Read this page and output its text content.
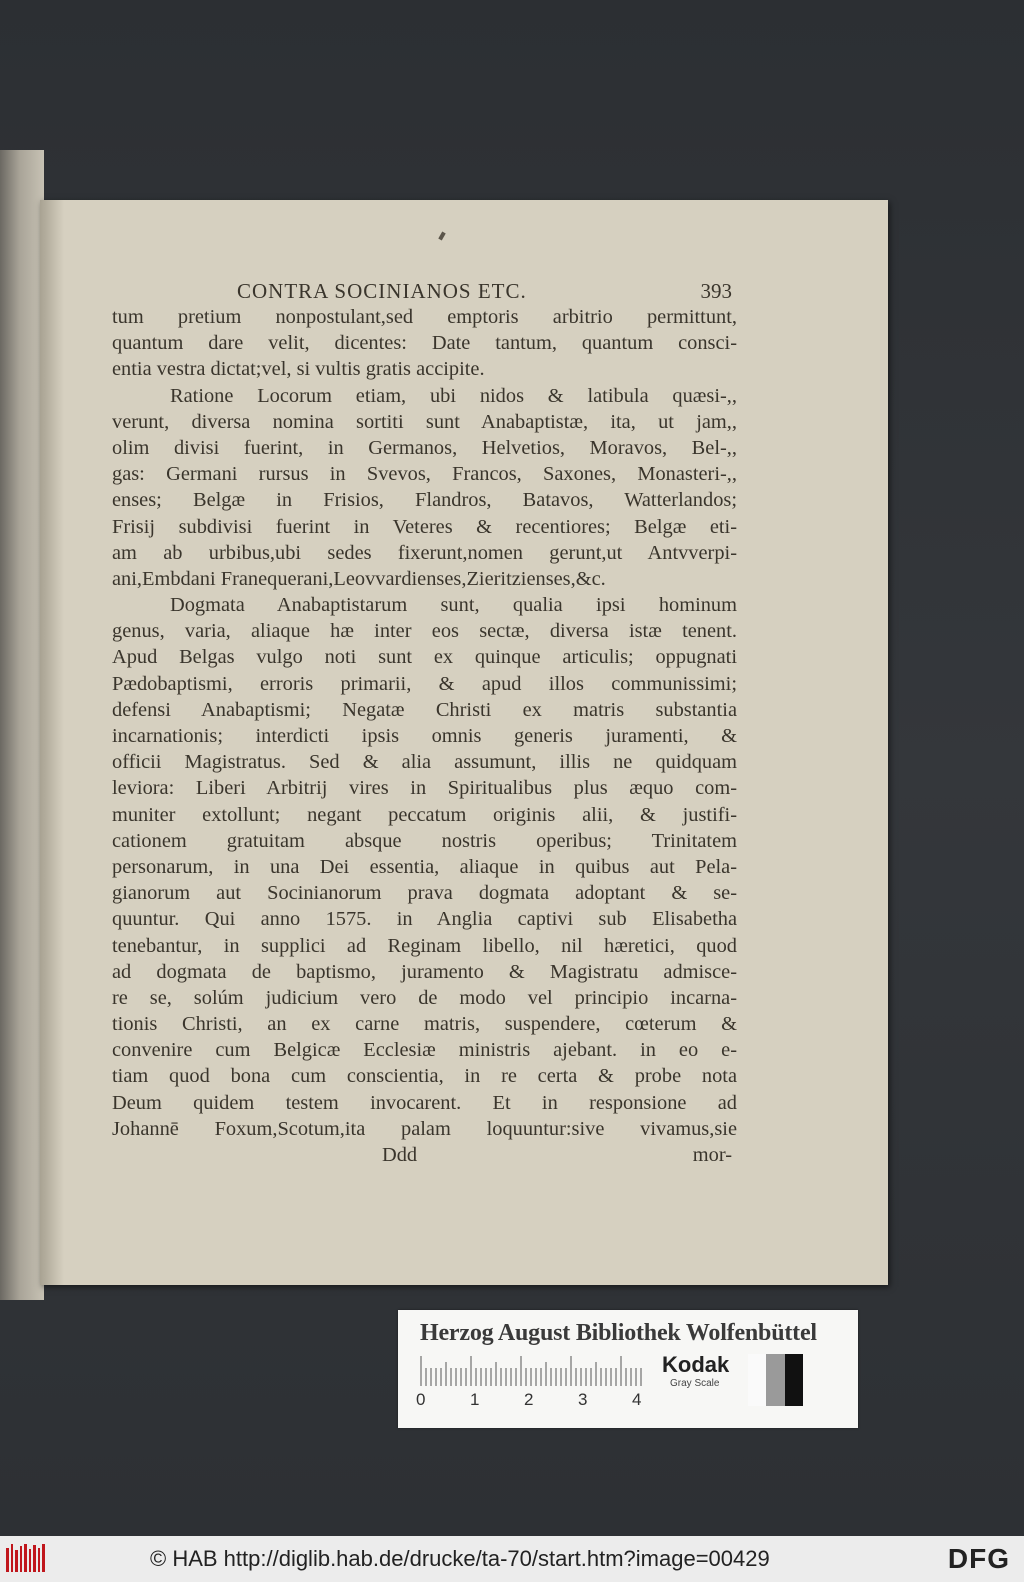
CONTRA SOCINIANOS ETC.	393
tum pretium nonpostulant,sed emptoris arbitrio permittunt,
quantum dare velit, dicentes: Date tantum, quantum consci-
entia vestra dictat;vel, si vultis gratis accipite.
Ratione Locorum etiam, ubi nidos & latibula quæsi-,,
verunt, diversa nomina sortiti sunt Anabaptistæ, ita, ut jam,,
olim divisi fuerint, in Germanos, Helvetios, Moravos, Bel-,,
gas: Germani rursus in Svevos, Francos, Saxones, Monasteri-,,
enses; Belgæ in Frisios, Flandros, Batavos, Watterlandos;
Frisij subdivisi fuerint in Veteres & recentiores; Belgæ eti-
am ab urbibus,ubi sedes fixerunt,nomen gerunt,ut Antvverpi-
ani,Embdani Franequerani,Leovvardienses,Zieritzienses,&c.
Dogmata Anabaptistarum sunt, qualia ipsi hominum
genus, varia, aliaque hæ inter eos sectæ, diversa istæ tenent.
Apud Belgas vulgo noti sunt ex quinque articulis; oppugnati
Pædobaptismi, erroris primarii, & apud illos communissimi;
defensi Anabaptismi; Negatæ Christi ex matris substantia
incarnationis; interdicti ipsis omnis generis juramenti, &
officii Magistratus. Sed & alia assumunt, illis ne quidquam
leviora: Liberi Arbitrij vires in Spiritualibus plus æquo com-
muniter extollunt; negant peccatum originis alii, & justifi-
cationem gratuitam absque nostris operibus; Trinitatem
personarum, in una Dei essentia, aliaque in quibus aut Pela-
gianorum aut Socinianorum prava dogmata adoptant & se-
quuntur. Qui anno 1575. in Anglia captivi sub Elisabetha
tenebantur, in supplici ad Reginam libello, nil hæretici, quod
ad dogmata de baptismo, juramento & Magistratu admisce-
re se, solúm judicium vero de modo vel principio incarna-
tionis Christi, an ex carne matris, suspendere, cœterum &
convenire cum Belgicæ Ecclesiæ ministris ajebant. in eo e-
tiam quod bona cum conscientia, in re certa & probe nota
Deum quidem testem invocarent. Et in responsione ad
Johannē Foxum,Scotum,ita palam loquuntur:sive vivamus,sie
Ddd	mor-
Herzog August Bibliothek Wolfenbüttel
0	1	2	3	4
Kodak
Gray Scale
© HAB http://diglib.hab.de/drucke/ta-70/start.htm?image=00429	DFG
